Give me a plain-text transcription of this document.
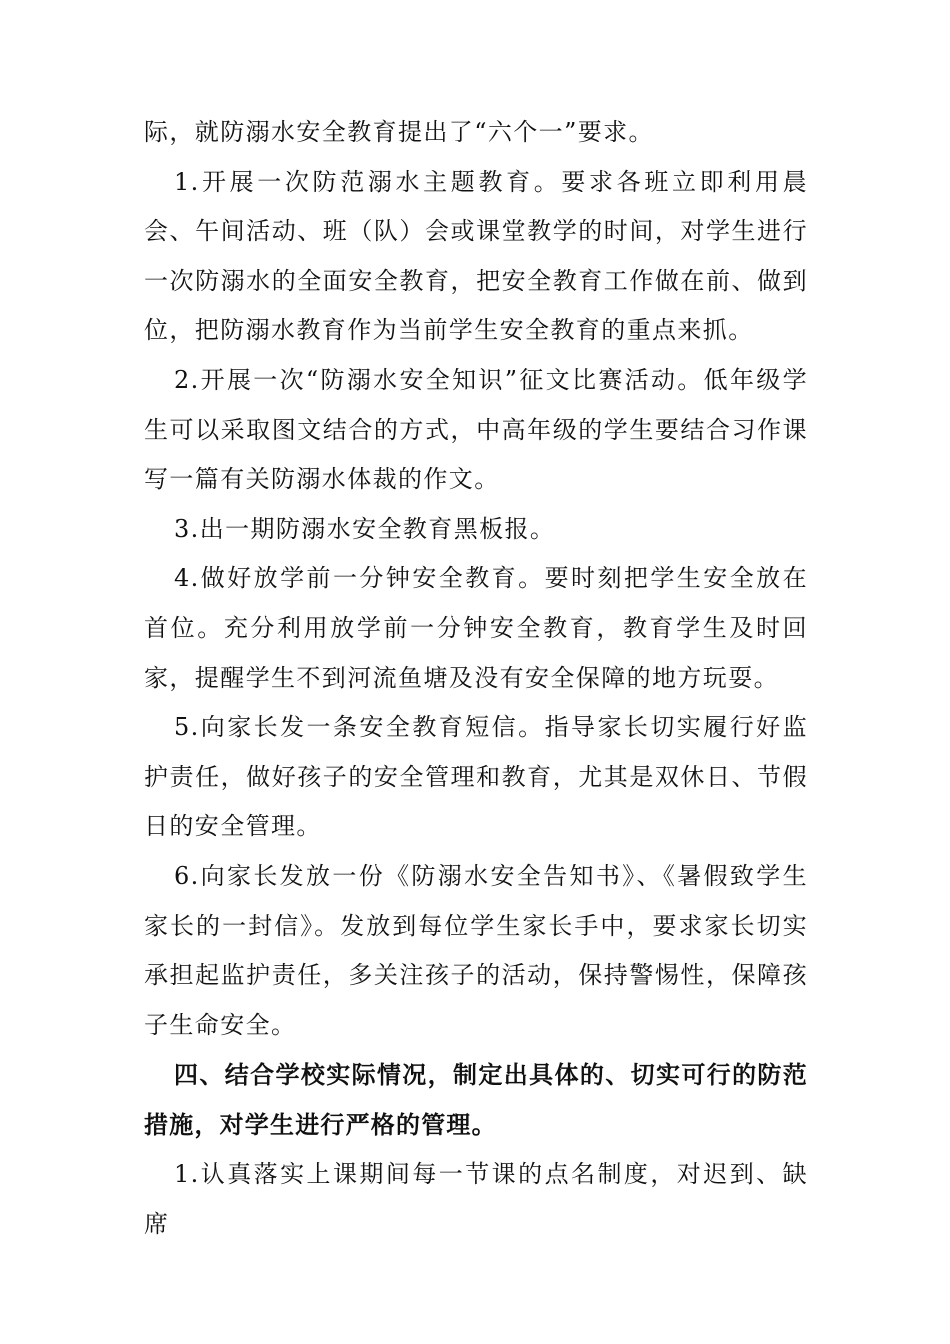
际，就防溺水安全教育提出了“六个一”要求。

1.开展一次防范溺水主题教育。要求各班立即利用晨会、午间活动、班（队）会或课堂教学的时间，对学生进行一次防溺水的全面安全教育，把安全教育工作做在前、做到位，把防溺水教育作为当前学生安全教育的重点来抓。

2.开展一次“防溺水安全知识”征文比赛活动。低年级学生可以采取图文结合的方式，中高年级的学生要结合习作课写一篇有关防溺水体裁的作文。

3.出一期防溺水安全教育黑板报。

4.做好放学前一分钟安全教育。要时刻把学生安全放在首位。充分利用放学前一分钟安全教育，教育学生及时回家，提醒学生不到河流鱼塘及没有安全保障的地方玩耍。

5.向家长发一条安全教育短信。指导家长切实履行好监护责任，做好孩子的安全管理和教育，尤其是双休日、节假日的安全管理。

6.向家长发放一份《防溺水安全告知书》、《暑假致学生家长的一封信》。发放到每位学生家长手中，要求家长切实承担起监护责任，多关注孩子的活动，保持警惕性，保障孩子生命安全。

四、结合学校实际情况，制定出具体的、切实可行的防范措施，对学生进行严格的管理。

1.认真落实上课期间每一节课的点名制度，对迟到、缺席
